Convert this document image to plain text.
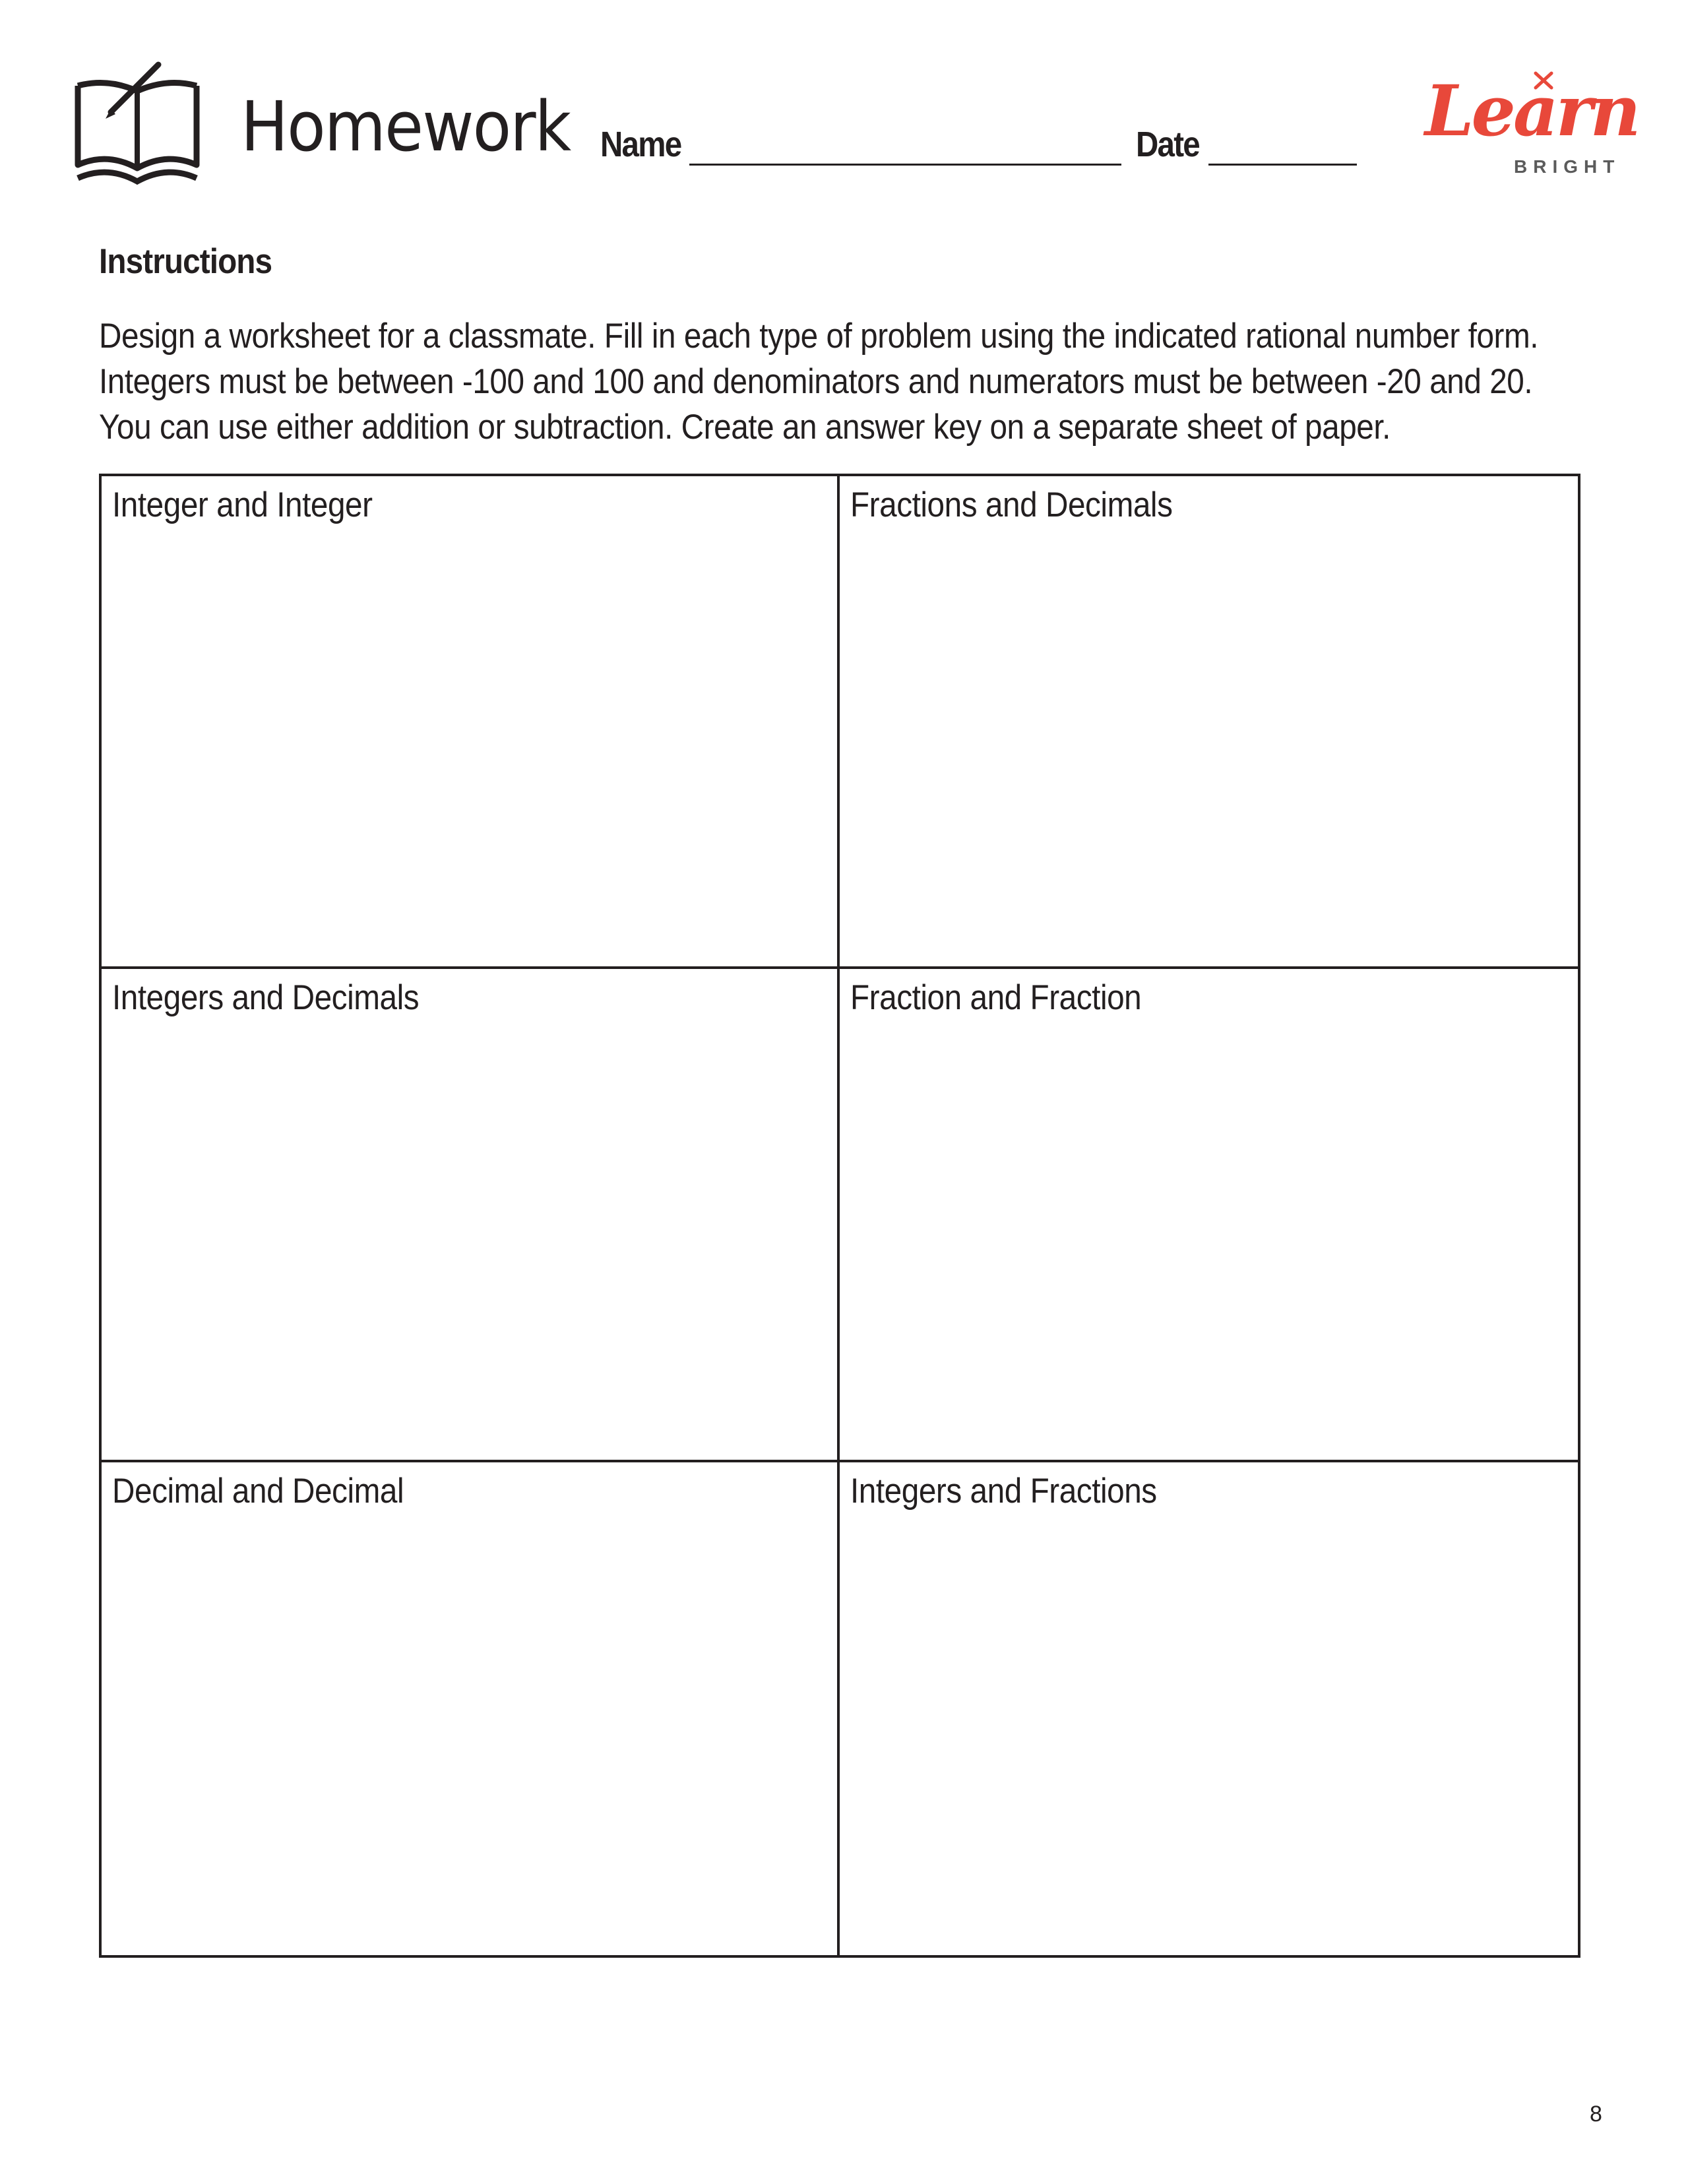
Homework Name	Date	Learn
BRIGHT
Instructions
Design a worksheet for a classmate. Fill in each type of problem using the indicated rational number form.
Integers must be between -100 and 100 and denominators and numerators must be between -20 and 20.
You can use either addition or subtraction. Create an answer key on a separate sheet of paper.
Integer and Integer	Fractions and Decimals
Integers and Decimals	Fraction and Fraction
Decimal and Decimal	Integers and Fractions
8
